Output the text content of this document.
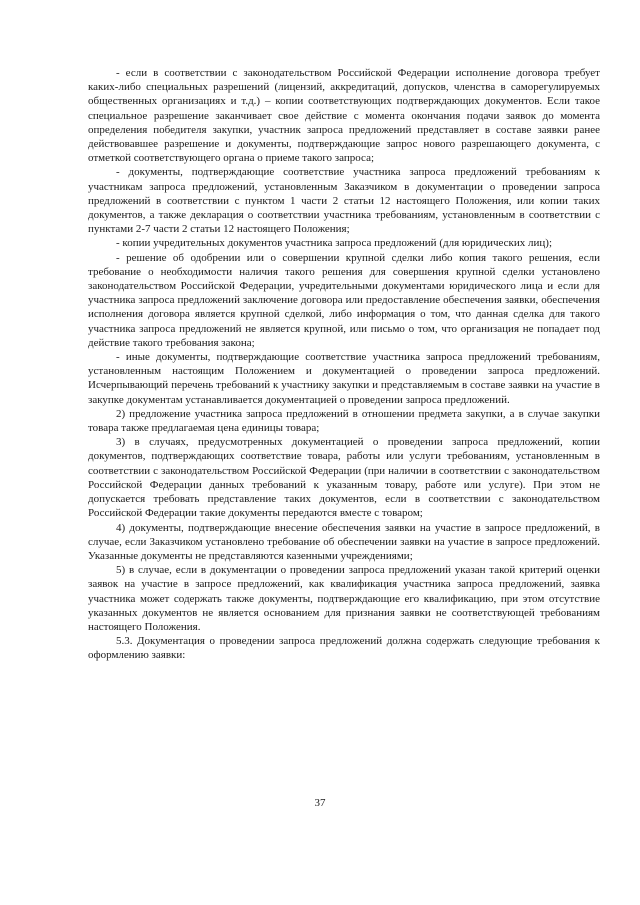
- если в соответствии с законодательством Российской Федерации исполнение договора требует каких-либо специальных разрешений (лицензий, аккредитаций, допусков, членства в саморегулируемых общественных организациях и т.д.) – копии соответствующих подтверждающих документов. Если такое специальное разрешение заканчивает свое действие с момента окончания подачи заявок до момента определения победителя закупки, участник запроса предложений представляет в составе заявки ранее действовавшее разрешение и документы, подтверждающие запрос нового разрешающего документа, с отметкой соответствующего органа о приеме такого запроса;

- документы, подтверждающие соответствие участника запроса предложений требованиям к участникам запроса предложений, установленным Заказчиком в документации о проведении запроса предложений в соответствии с пунктом 1 части 2 статьи 12 настоящего Положения, или копии таких документов, а также декларация о соответствии участника требованиям, установленным в соответствии с пунктами 2-7 части 2 статьи 12 настоящего Положения;

- копии учредительных документов участника запроса предложений (для юридических лиц);

- решение об одобрении или о совершении крупной сделки либо копия такого решения, если требование о необходимости наличия такого решения для совершения крупной сделки установлено законодательством Российской Федерации, учредительными документами юридического лица и если для участника запроса предложений заключение договора или предоставление обеспечения заявки, обеспечения исполнения договора является крупной сделкой, либо информация о том, что данная сделка для такого участника запроса предложений не является крупной, или письмо о том, что организация не попадает под действие такого требования закона;

- иные документы, подтверждающие соответствие участника запроса предложений требованиям, установленным настоящим Положением и документацией о проведении запроса предложений. Исчерпывающий перечень требований к участнику закупки и представляемым в составе заявки на участие в закупке документам устанавливается документацией о проведении запроса предложений.

2) предложение участника запроса предложений в отношении предмета закупки, а в случае закупки товара также предлагаемая цена единицы товара;

3) в случаях, предусмотренных документацией о проведении запроса предложений, копии документов, подтверждающих соответствие товара, работы или услуги требованиям, установленным в соответствии с законодательством Российской Федерации (при наличии в соответствии с законодательством Российской Федерации данных требований к указанным товару, работе или услуге). При этом не допускается требовать представление таких документов, если в соответствии с законодательством Российской Федерации такие документы передаются вместе с товаром;

4) документы, подтверждающие внесение обеспечения заявки на участие в запросе предложений, в случае, если Заказчиком установлено требование об обеспечении заявки на участие в запросе предложений. Указанные документы не представляются казенными учреждениями;

5) в случае, если в документации о проведении запроса предложений указан такой критерий оценки заявок на участие в запросе предложений, как квалификация участника запроса предложений, заявка участника может содержать также документы, подтверждающие его квалификацию, при этом отсутствие указанных документов не является основанием для признания заявки не соответствующей требованиям настоящего Положения.

5.3. Документация о проведении запроса предложений должна содержать следующие требования к оформлению заявки:

37
